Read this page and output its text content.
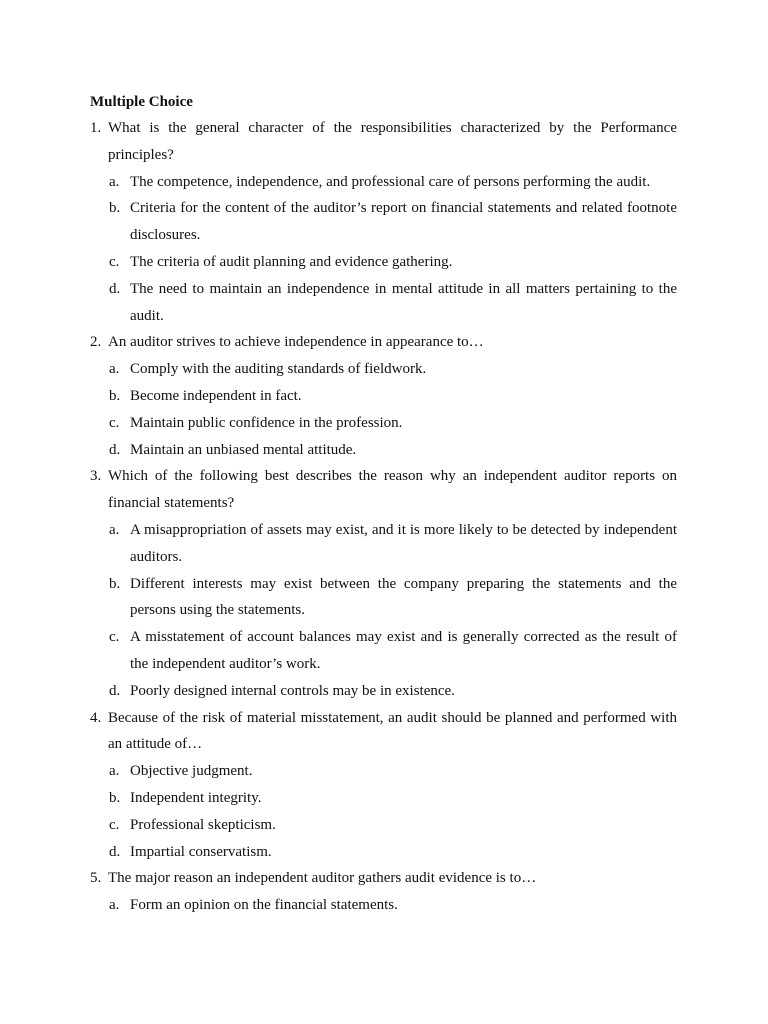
Multiple Choice
1. What is the general character of the responsibilities characterized by the Performance principles?
a. The competence, independence, and professional care of persons performing the audit.
b. Criteria for the content of the auditor’s report on financial statements and related footnote disclosures.
c. The criteria of audit planning and evidence gathering.
d. The need to maintain an independence in mental attitude in all matters pertaining to the audit.
2. An auditor strives to achieve independence in appearance to…
a. Comply with the auditing standards of fieldwork.
b. Become independent in fact.
c. Maintain public confidence in the profession.
d. Maintain an unbiased mental attitude.
3. Which of the following best describes the reason why an independent auditor reports on financial statements?
a. A misappropriation of assets may exist, and it is more likely to be detected by independent auditors.
b. Different interests may exist between the company preparing the statements and the persons using the statements.
c. A misstatement of account balances may exist and is generally corrected as the result of the independent auditor’s work.
d. Poorly designed internal controls may be in existence.
4. Because of the risk of material misstatement, an audit should be planned and performed with an attitude of…
a. Objective judgment.
b. Independent integrity.
c. Professional skepticism.
d. Impartial conservatism.
5. The major reason an independent auditor gathers audit evidence is to…
a. Form an opinion on the financial statements.
